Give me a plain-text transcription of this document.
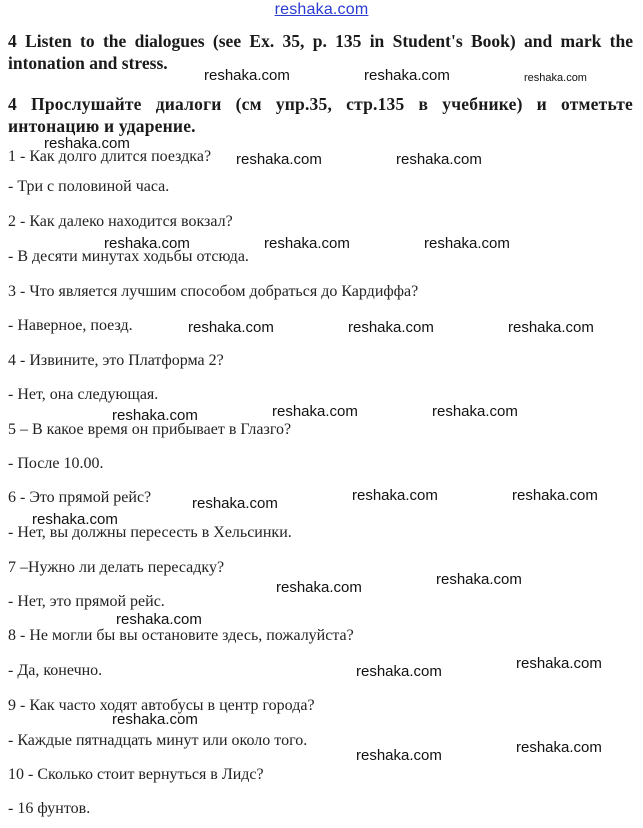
reshaka.com
4 Listen to the dialogues (see Ex. 35, p. 135 in Student's Book) and mark the intonation and stress.
4 Прослушайте диалоги (см упр.35, стр.135 в учебнике) и отметьте интонацию и ударение.
1 - Как долго длится поездка?
- Три с половиной часа.
2 - Как далеко находится вокзал?
- В десяти минутах ходьбы отсюда.
3 - Что является лучшим способом добраться до Кардиффа?
- Наверное, поезд.
4 - Извините, это Платформа 2?
- Нет, она следующая.
5 – В какое время он прибывает в Глазго?
- После 10.00.
6 - Это прямой рейс?
- Нет, вы должны пересесть в Хельсинки.
7 –Нужно ли делать пересадку?
- Нет, это прямой рейс.
8 - Не могли бы вы остановите здесь, пожалуйста?
- Да, конечно.
9 - Как часто ходят автобусы в центр города?
- Каждые пятнадцать минут или около того.
10 - Сколько стоит вернуться в Лидс?
- 16 фунтов.
reshaka.com	reshaka.com	reshaka.com
reshaka.com
reshaka.com	reshaka.com
reshaka.com	reshaka.com	reshaka.com
reshaka.com	reshaka.com	reshaka.com
reshaka.com	reshaka.com	reshaka.com
reshaka.com	reshaka.com	reshaka.com
reshaka.com
reshaka.com	reshaka.com
reshaka.com
reshaka.com	reshaka.com
reshaka.com
reshaka.com	reshaka.com
